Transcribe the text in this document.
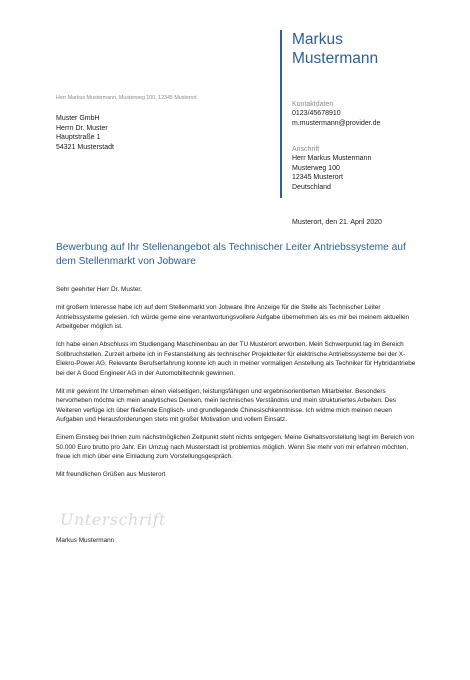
Markus
Mustermann
Kontaktdaten
0123/45678910
m.mustermann@provider.de
Anschrift
Herr Markus Mustermann
Musterweg 100
12345 Musterort
Deutschland
Herr Markus Mustermann, Musterweg 100, 12345 Musterort
Muster GmbH
Herrn Dr. Muster
Hauptstraße 1
54321 Musterstadt
Musterort, den 21. April 2020
Bewerbung auf Ihr Stellenangebot als Technischer Leiter Antriebssysteme auf dem Stellenmarkt von Jobware

Sehr geehrter Herr Dr. Muster,

mit großem Interesse habe ich auf dem Stellenmarkt von Jobware Ihre Anzeige für die Stelle als Technischer Leiter Antriebssysteme gelesen. Ich würde gerne eine verantwortungsvollere Aufgabe übernehmen als es mir bei meinem aktuellen Arbeitgeber möglich ist.

Ich habe einen Abschluss im Studiengang Maschinenbau an der TU Musterort erworben. Mein Schwerpunkt lag im Bereich Sollbruchstellen. Zurzeit arbeite ich in Festanstellung als technischer Projektleiter für elektrische Antriebssysteme bei der X-Elekro-Power AG. Relevante Berufserfahrung konnte ich auch in meiner vormaligen Anstellung als Techniker für Hybridantriebe bei der A Good Engineer AG in der Automobiltechnik gewinnen.

Mit mir gewinnt Ihr Unternehmen einen vielseitigen, leistungsfähigen und ergebnisorientierten Mitarbeiter. Besonders hervorheben möchte ich mein analytisches Denken, mein technisches Verständnis und mein strukturiertes Arbeiten. Des Weiteren verfüge ich über fließende Englisch- und grundlegende Chinesischkenntnisse. Ich widme mich meinen neuen Aufgaben und Herausforderungen stets mit großer Motivation und vollem Einsatz.

Einem Einstieg bei Ihnen zum nächstmöglichen Zeitpunkt steht nichts entgegen. Meine Gehaltsvorstellung liegt im Bereich von 50.000 Euro brutto pro Jahr. Ein Umzug nach Musterstadt ist problemlos möglich. Wenn Sie mehr von mir erfahren möchten, freue ich mich über eine Einladung zum Vorstellungsgespräch.

Mit freundlichen Grüßen aus Musterort

Unterschrift
Markus Mustermann
